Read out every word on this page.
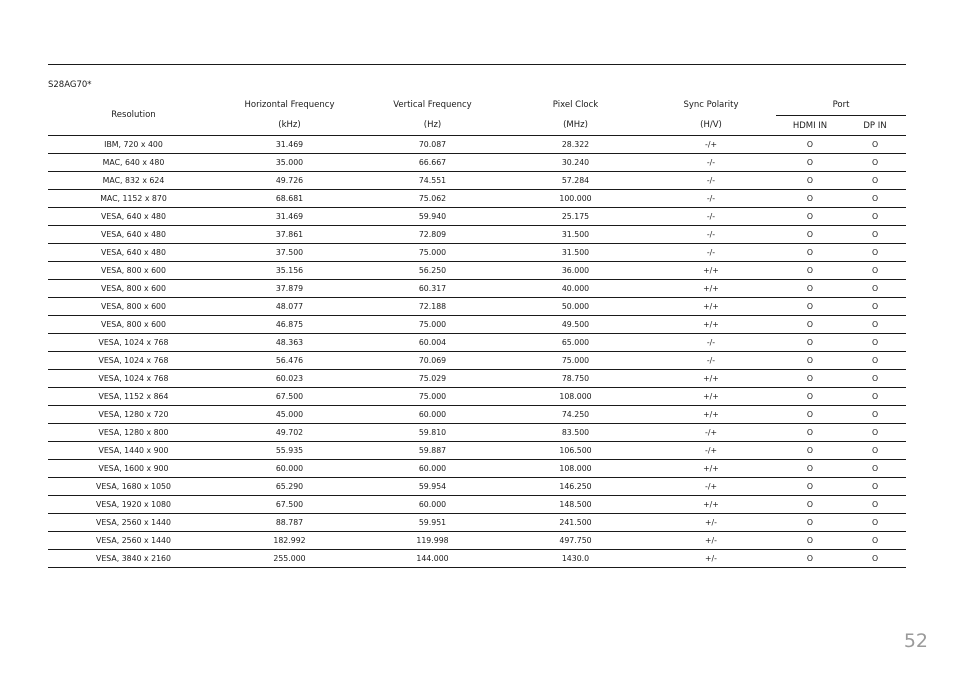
S28AG70*
Resolution	Horizontal Frequency	Vertical Frequency	Pixel Clock	Sync Polarity	Port	
	(kHz)	(Hz)	(MHz)	(H/V)	HDMI IN	DP IN
IBM, 720 x 400	31.469	70.087	28.322	-/+	O	O
MAC, 640 x 480	35.000	66.667	30.240	-/-	O	O
MAC, 832 x 624	49.726	74.551	57.284	-/-	O	O
MAC, 1152 x 870	68.681	75.062	100.000	-/-	O	O
VESA, 640 x 480	31.469	59.940	25.175	-/-	O	O
VESA, 640 x 480	37.861	72.809	31.500	-/-	O	O
VESA, 640 x 480	37.500	75.000	31.500	-/-	O	O
VESA, 800 x 600	35.156	56.250	36.000	+/+	O	O
VESA, 800 x 600	37.879	60.317	40.000	+/+	O	O
VESA, 800 x 600	48.077	72.188	50.000	+/+	O	O
VESA, 800 x 600	46.875	75.000	49.500	+/+	O	O
VESA, 1024 x 768	48.363	60.004	65.000	-/-	O	O
VESA, 1024 x 768	56.476	70.069	75.000	-/-	O	O
VESA, 1024 x 768	60.023	75.029	78.750	+/+	O	O
VESA, 1152 x 864	67.500	75.000	108.000	+/+	O	O
VESA, 1280 x 720	45.000	60.000	74.250	+/+	O	O
VESA, 1280 x 800	49.702	59.810	83.500	-/+	O	O
VESA, 1440 x 900	55.935	59.887	106.500	-/+	O	O
VESA, 1600 x 900	60.000	60.000	108.000	+/+	O	O
VESA, 1680 x 1050	65.290	59.954	146.250	-/+	O	O
VESA, 1920 x 1080	67.500	60.000	148.500	+/+	O	O
VESA, 2560 x 1440	88.787	59.951	241.500	+/-	O	O
VESA, 2560 x 1440	182.992	119.998	497.750	+/-	O	O
VESA, 3840 x 2160	255.000	144.000	1430.0	+/-	O	O
52
